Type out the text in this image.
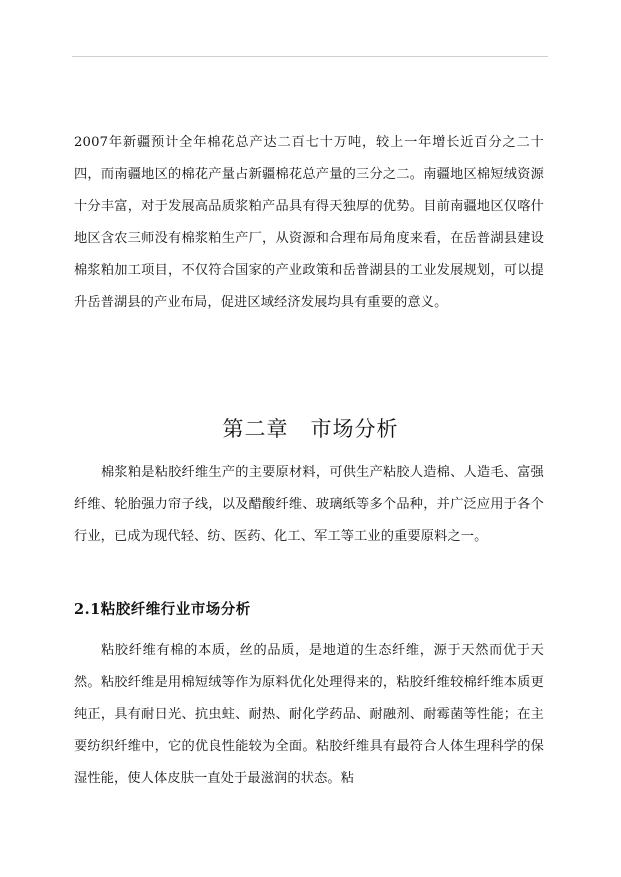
2007年新疆预计全年棉花总产达二百七十万吨，较上一年增长近百分之二十四，而南疆地区的棉花产量占新疆棉花总产量的三分之二。南疆地区棉短绒资源十分丰富，对于发展高品质浆粕产品具有得天独厚的优势。目前南疆地区仅喀什地区含农三师没有棉浆粕生产厂，从资源和合理布局角度来看，在岳普湖县建设棉浆粕加工项目，不仅符合国家的产业政策和岳普湖县的工业发展规划，可以提升岳普湖县的产业布局，促进区域经济发展均具有重要的意义。

第二章　市场分析

棉浆粕是粘胶纤维生产的主要原材料，可供生产粘胶人造棉、人造毛、富强纤维、轮胎强力帘子线，以及醋酸纤维、玻璃纸等多个品种，并广泛应用于各个行业，已成为现代轻、纺、医药、化工、军工等工业的重要原料之一。

2.1粘胶纤维行业市场分析

粘胶纤维有棉的本质，丝的品质，是地道的生态纤维，源于天然而优于天然。粘胶纤维是用棉短绒等作为原料优化处理得来的，粘胶纤维较棉纤维本质更纯正，具有耐日光、抗虫蛀、耐热、耐化学药品、耐融剂、耐霉菌等性能；在主要纺织纤维中，它的优良性能较为全面。粘胶纤维具有最符合人体生理科学的保湿性能，使人体皮肤一直处于最滋润的状态。粘
